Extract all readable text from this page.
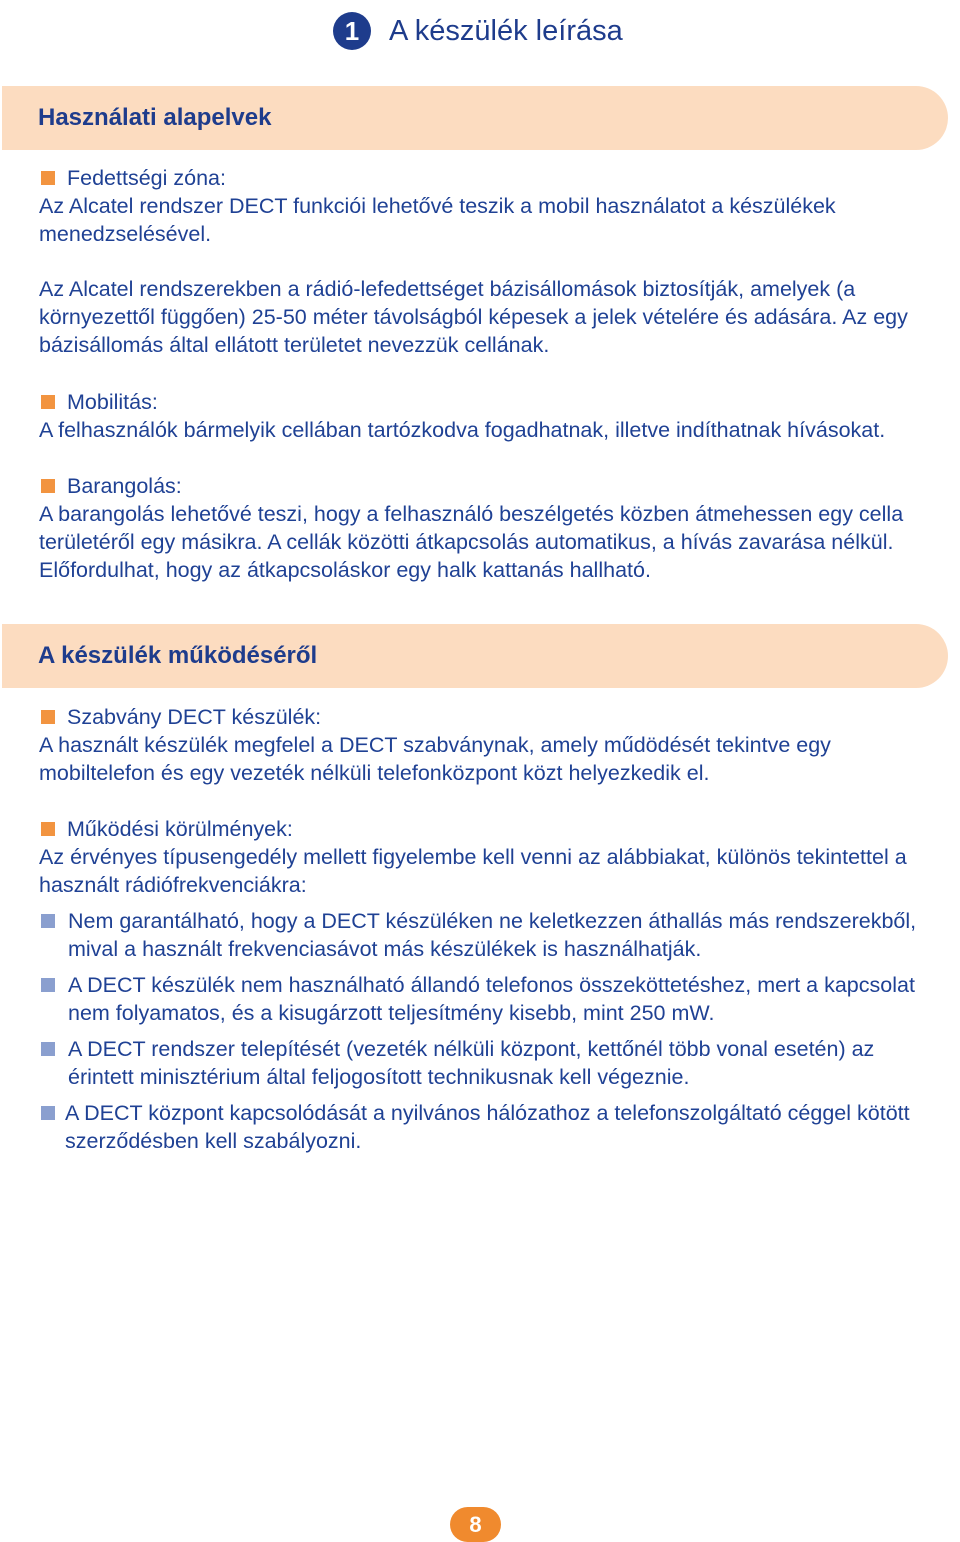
1	A készülék leírása
Használati alapelvek
Fedettségi zóna:

Az Alcatel rendszer DECT funkciói lehetővé teszik a mobil használatot a készülékek menedzselésével.

Az Alcatel rendszerekben a rádió-lefedettséget bázisállomások biztosítják, amelyek (a környezettől függően) 25-50 méter távolságból képesek a jelek vételére és adására. Az egy bázisállomás által ellátott területet nevezzük cellának.

Mobilitás:

A felhasználók bármelyik cellában tartózkodva fogadhatnak, illetve indíthatnak hívásokat.

Barangolás:

A barangolás lehetővé teszi, hogy a felhasználó beszélgetés közben átmehessen egy cella területéről egy másikra. A cellák közötti átkapcsolás automatikus, a hívás zavarása nélkül. Előfordulhat, hogy az átkapcsoláskor egy halk kattanás hallható.

A készülék működéséről
Szabvány DECT készülék:

A használt készülék megfelel a DECT szabványnak, amely műdödését tekintve egy mobiltelefon és egy vezeték nélküli telefonközpont közt helyezkedik el.

Működési körülmények:

Az érvényes típusengedély mellett figyelembe kell venni az alábbiakat, különös tekintettel a használt rádiófrekvenciákra:

Nem garantálható, hogy a DECT készüléken ne keletkezzen áthallás más rendszerekből, mival a használt frekvenciasávot más készülékek is használhatják.
A DECT készülék nem használható állandó telefonos összeköttetéshez, mert a kapcsolat nem folyamatos, és a kisugárzott teljesítmény kisebb, mint 250 mW.
A DECT rendszer telepítését (vezeték nélküli központ, kettőnél több vonal esetén) az érintett minisztérium által feljogosított technikusnak kell végeznie.
A DECT központ kapcsolódását a nyilvános hálózathoz a telefonszolgáltató céggel kötött szerződésben kell szabályozni.
8
